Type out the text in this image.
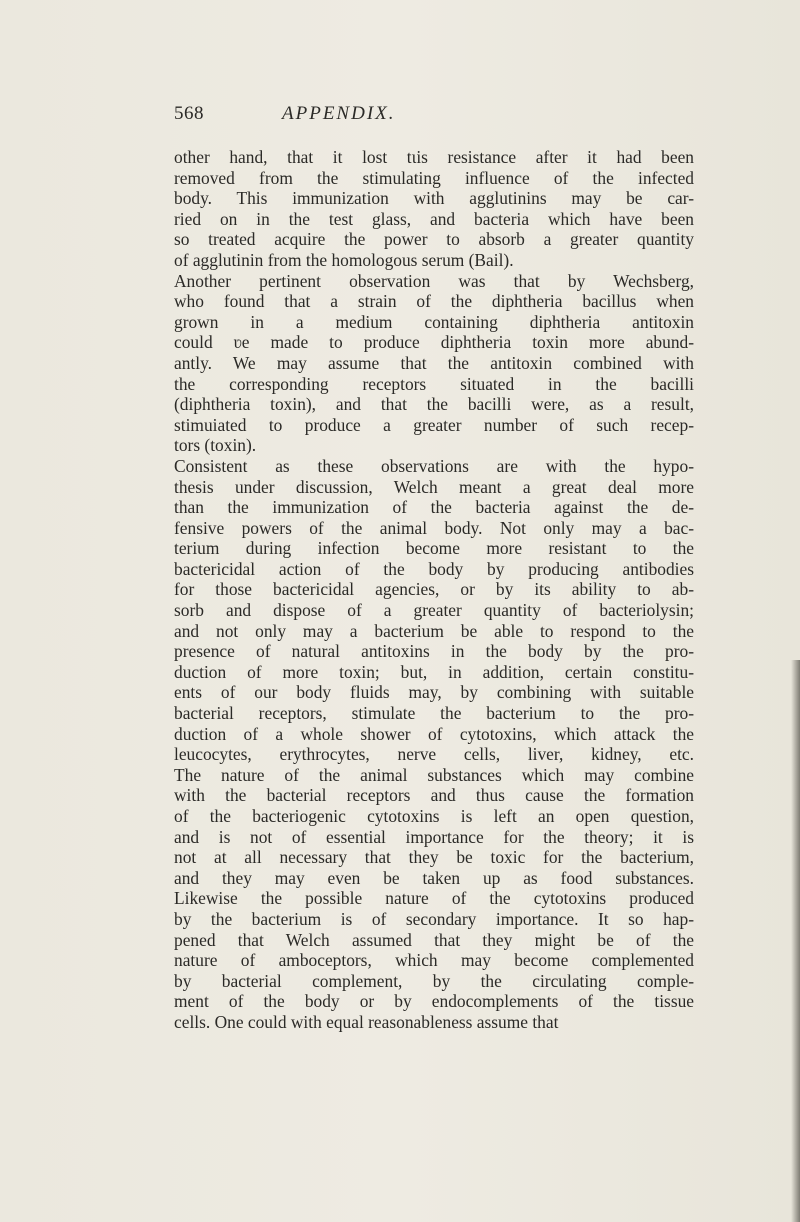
568	APPENDIX.
other hand, that it lost tιis resistance after it had been
removed from the stimulating influence of the infected
body. This immunization with agglutinins may be car-
ried on in the test glass, and bacteria which have been
so treated acquire the power to absorb a greater quantity
of agglutinin from the homologous serum (Bail).
Another pertinent observation was that by Wechsberg,
who found that a strain of the diphtheria bacillus when
grown in a medium containing diphtheria antitoxin
could ʋe made to produce diphtheria toxin more abund-
antly. We may assume that the antitoxin combined with
the corresponding receptors situated in the bacilli
(diphtheria toxin), and that the bacilli were, as a result,
stimuiated to produce a greater number of such recep-
tors (toxin).
Consistent as these observations are with the hypo-
thesis under discussion, Welch meant a great deal more
than the immunization of the bacteria against the de-
fensive powers of the animal body. Not only may a bac-
terium during infection become more resistant to the
bactericidal action of the body by producing antibodies
for those bactericidal agencies, or by its ability to ab-
sorb and dispose of a greater quantity of bacteriolysin;
and not only may a bacterium be able to respond to the
presence of natural antitoxins in the body by the pro-
duction of more toxin; but, in addition, certain constitu-
ents of our body fluids may, by combining with suitable
bacterial receptors, stimulate the bacterium to the pro-
duction of a whole shower of cytotoxins, which attack the
leucocytes, erythrocytes, nerve cells, liver, kidney, etc.
The nature of the animal substances which may combine
with the bacterial receptors and thus cause the formation
of the bacteriogenic cytotoxins is left an open question,
and is not of essential importance for the theory; it is
not at all necessary that they be toxic for the bacterium,
and they may even be taken up as food substances.
Likewise the possible nature of the cytotoxins produced
by the bacterium is of secondary importance. It so hap-
pened that Welch assumed that they might be of the
nature of amboceptors, which may become complemented
by bacterial complement, by the circulating comple-
ment of the body or by endocomplements of the tissue
cells. One could with equal reasonableness assume that
